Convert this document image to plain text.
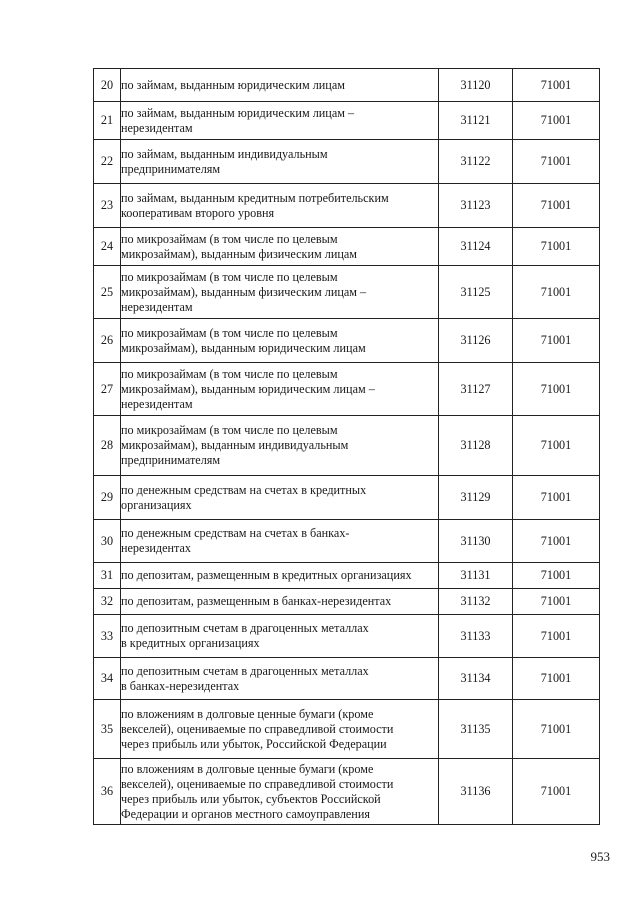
20	по займам, выданным юридическим лицам	31120	71001
21	по займам, выданным юридическим лицам –
нерезидентам	31121	71001
22	по займам, выданным индивидуальным
предпринимателям	31122	71001
23	по займам, выданным кредитным потребительским
кооперативам второго уровня	31123	71001
24	по микрозаймам (в том числе по целевым
микрозаймам), выданным физическим лицам	31124	71001
25	по микрозаймам (в том числе по целевым
микрозаймам), выданным физическим лицам –
нерезидентам	31125	71001
26	по микрозаймам (в том числе по целевым
микрозаймам), выданным юридическим лицам	31126	71001
27	по микрозаймам (в том числе по целевым
микрозаймам), выданным юридическим лицам –
нерезидентам	31127	71001
28	по микрозаймам (в том числе по целевым
микрозаймам), выданным индивидуальным
предпринимателям	31128	71001
29	по денежным средствам на счетах в кредитных
организациях	31129	71001
30	по денежным средствам на счетах в банках-
нерезидентах	31130	71001
31	по депозитам, размещенным в кредитных организациях	31131	71001
32	по депозитам, размещенным в банках-нерезидентах	31132	71001
33	по депозитным счетам в драгоценных металлах
в кредитных организациях	31133	71001
34	по депозитным счетам в драгоценных металлах
в банках-нерезидентах	31134	71001
35	по вложениям в долговые ценные бумаги (кроме
векселей), оцениваемые по справедливой стоимости
через прибыль или убыток, Российской Федерации	31135	71001
36	по вложениям в долговые ценные бумаги (кроме
векселей), оцениваемые по справедливой стоимости
через прибыль или убыток, субъектов Российской
Федерации и органов местного самоуправления	31136	71001
953
